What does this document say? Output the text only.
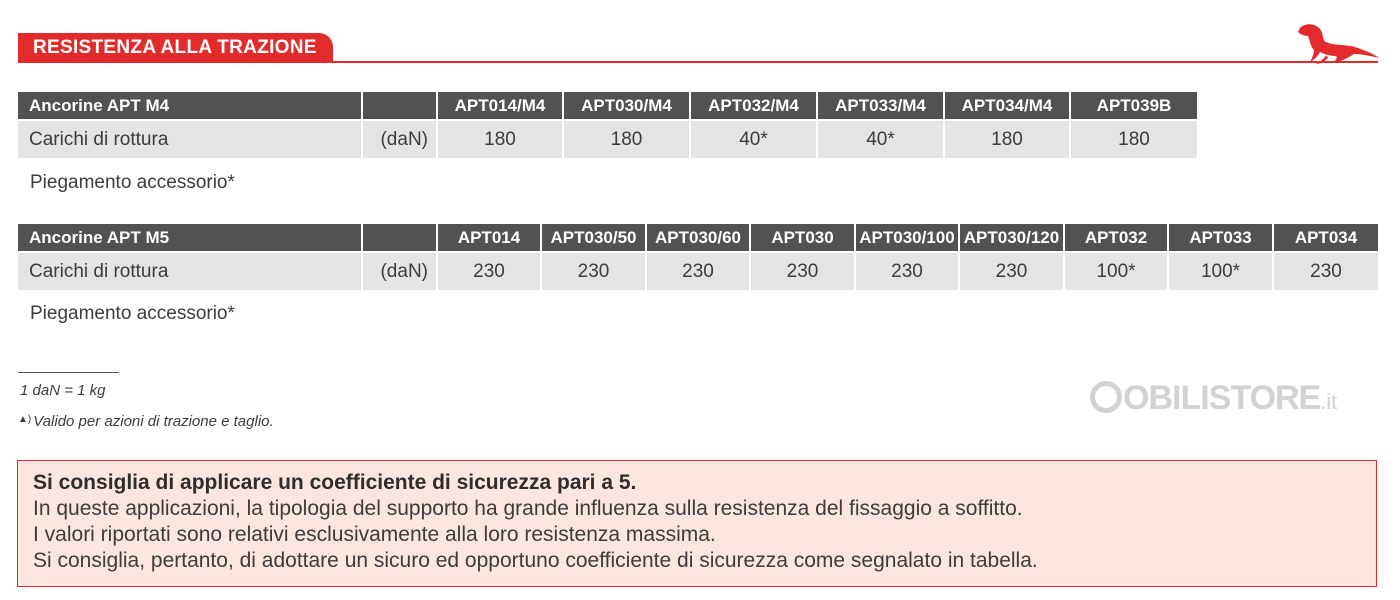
RESISTENZA ALLA TRAZIONE
Ancorine APT M4		APT014/M4	APT030/M4	APT032/M4	APT033/M4	APT034/M4	APT039B
Carichi di rottura	(daN)	180	180	40*	40*	180	180
Piegamento accessorio*
Ancorine APT M5		APT014	APT030/50	APT030/60	APT030	APT030/100	APT030/120	APT032	APT033	APT034
Carichi di rottura	(daN)	230	230	230	230	230	230	100*	100*	230
Piegamento accessorio*
1 daN = 1 kg
▲) Valido per azioni di trazione e taglio.
OBILISTORE.it
Si consiglia di applicare un coefficiente di sicurezza pari a 5.
In queste applicazioni, la tipologia del supporto ha grande influenza sulla resistenza del fissaggio a soffitto.
I valori riportati sono relativi esclusivamente alla loro resistenza massima.
Si consiglia, pertanto, di adottare un sicuro ed opportuno coefficiente di sicurezza come segnalato in tabella.
